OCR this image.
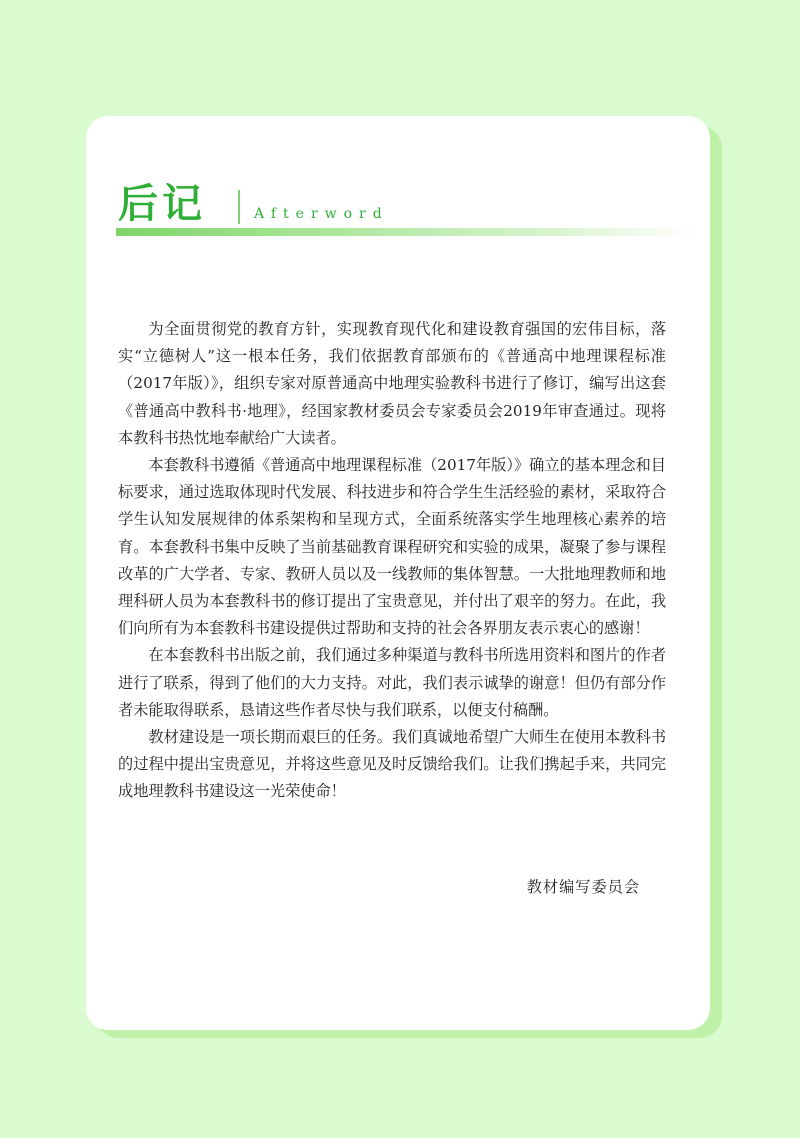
后记	Afterword

为全面贯彻党的教育方针，实现教育现代化和建设教育强国的宏伟目标，落实“立德树人”这一根本任务，我们依据教育部颁布的《普通高中地理课程标准（2017年版）》，组织专家对原普通高中地理实验教科书进行了修订，编写出这套《普通高中教科书·地理》，经国家教材委员会专家委员会2019年审查通过。现将本教科书热忱地奉献给广大读者。

本套教科书遵循《普通高中地理课程标准（2017年版）》确立的基本理念和目标要求，通过选取体现时代发展、科技进步和符合学生生活经验的素材，采取符合学生认知发展规律的体系架构和呈现方式，全面系统落实学生地理核心素养的培育。本套教科书集中反映了当前基础教育课程研究和实验的成果，凝聚了参与课程改革的广大学者、专家、教研人员以及一线教师的集体智慧。一大批地理教师和地理科研人员为本套教科书的修订提出了宝贵意见，并付出了艰辛的努力。在此，我们向所有为本套教科书建设提供过帮助和支持的社会各界朋友表示衷心的感谢！

在本套教科书出版之前，我们通过多种渠道与教科书所选用资料和图片的作者进行了联系，得到了他们的大力支持。对此，我们表示诚挚的谢意！但仍有部分作者未能取得联系，恳请这些作者尽快与我们联系，以便支付稿酬。

教材建设是一项长期而艰巨的任务。我们真诚地希望广大师生在使用本教科书的过程中提出宝贵意见，并将这些意见及时反馈给我们。让我们携起手来，共同完成地理教科书建设这一光荣使命！

教材编写委员会
